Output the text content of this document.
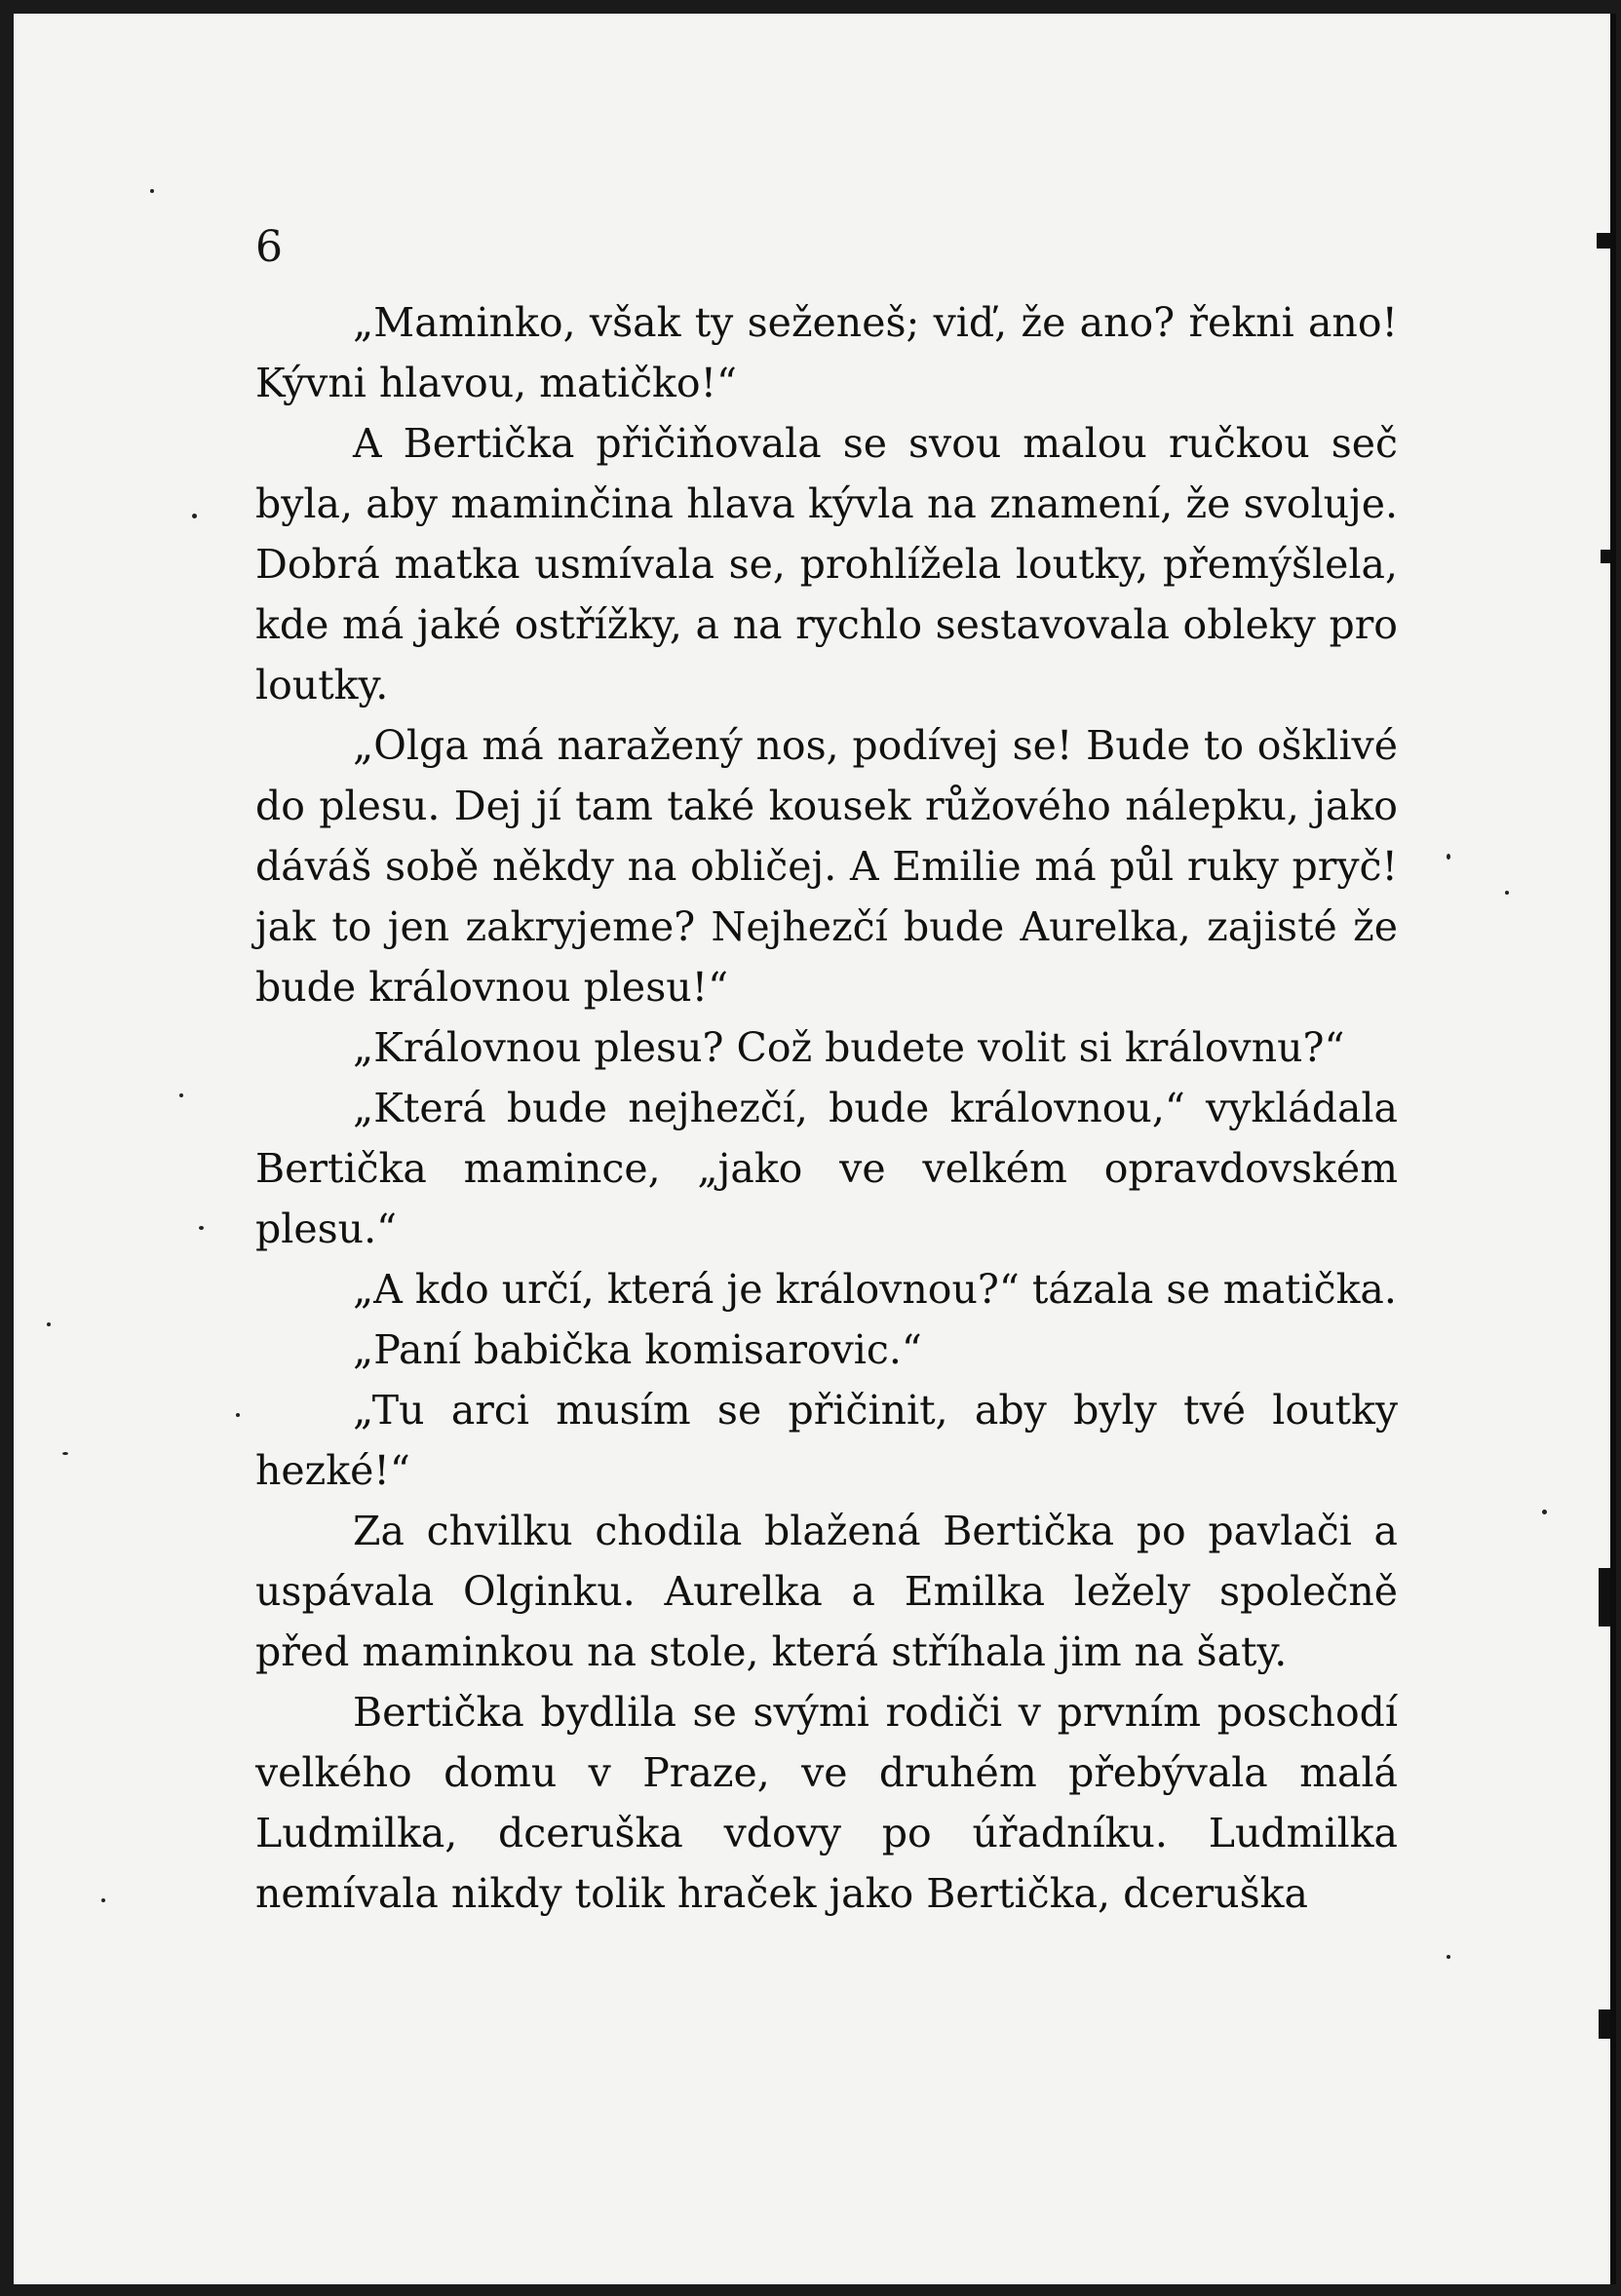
6

„Maminko, však ty seženeš; viď, že ano? řekni ano! Kývni hlavou, matičko!“

A Bertička přičiňovala se svou malou ručkou seč byla, aby maminčina hlava kývla na znamení, že svoluje. Dobrá matka usmívala se, prohlížela loutky, přemýšlela, kde má jaké ostřížky, a na rychlo sestavovala obleky pro loutky.

„Olga má naražený nos, podívej se! Bude to ošklivé do plesu. Dej jí tam také kousek růžového nálepku, jako dáváš sobě někdy na obličej. A Emilie má půl ruky pryč! jak to jen zakryjeme? Nejhezčí bude Aurelka, zajisté že bude královnou plesu!“

„Královnou plesu? Což budete volit si královnu?“

„Která bude nejhezčí, bude královnou,“ vykládala Bertička mamince, „jako ve velkém opravdovském plesu.“

„A kdo určí, která je královnou?“ tázala se matička.

„Paní babička komisarovic.“

„Tu arci musím se přičinit, aby byly tvé loutky hezké!“

Za chvilku chodila blažená Bertička po pavlači a uspávala Olginku. Aurelka a Emilka ležely společně před maminkou na stole, která stříhala jim na šaty.

Bertička bydlila se svými rodiči v prvním poschodí velkého domu v Praze, ve druhém přebývala malá Ludmilka, dceruška vdovy po úřadníku. Ludmilka nemívala nikdy tolik hraček jako Bertička, dceruška
